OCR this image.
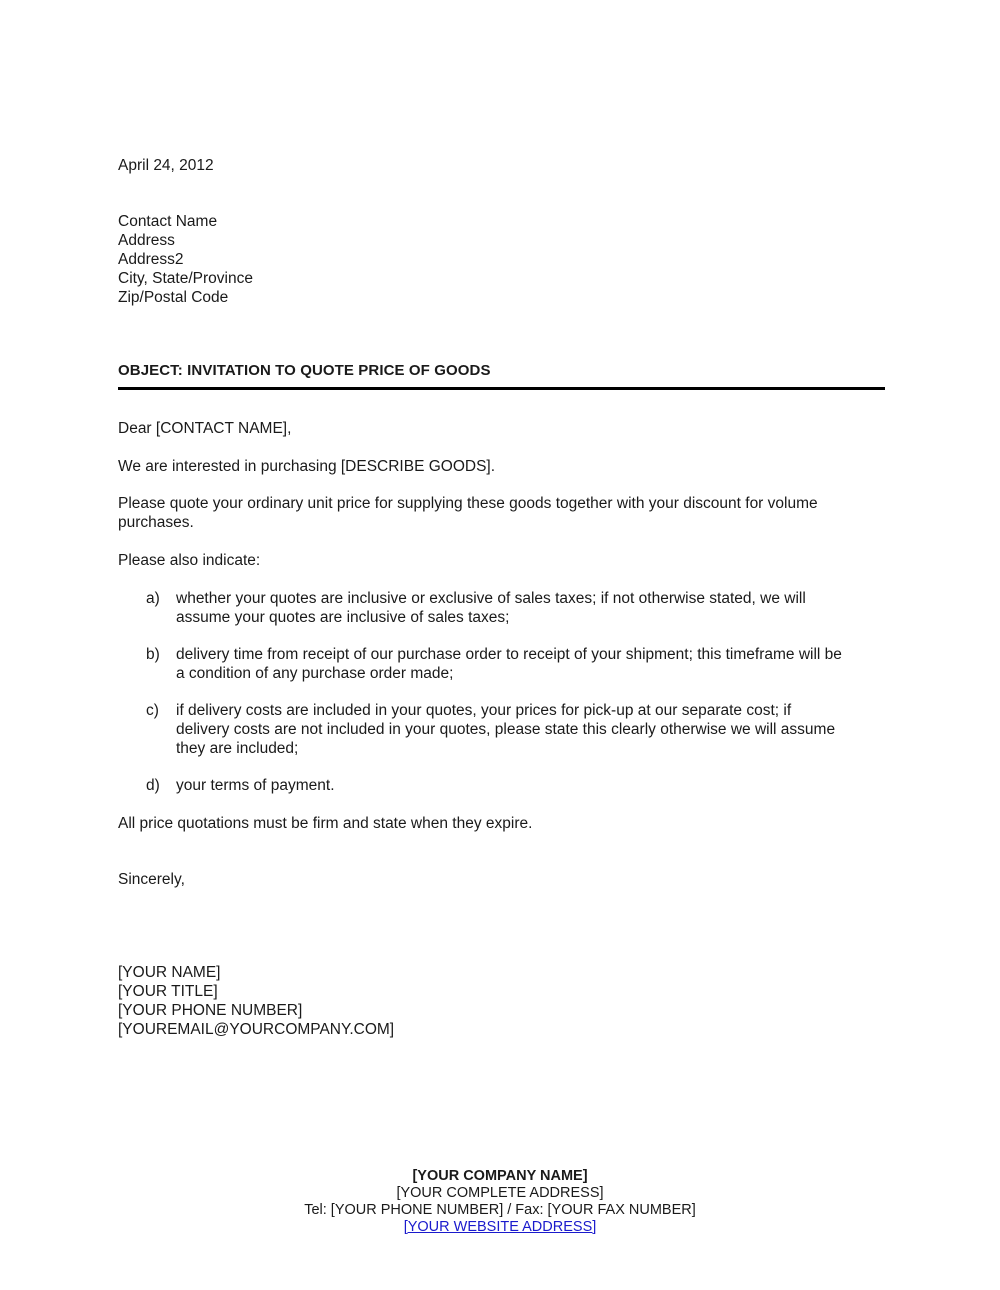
April 24, 2012
Contact Name
Address
Address2
City, State/Province
Zip/Postal Code
OBJECT: INVITATION TO QUOTE PRICE OF GOODS
Dear [CONTACT NAME],
We are interested in purchasing [DESCRIBE GOODS].
Please quote your ordinary unit price for supplying these goods together with your discount for volume
purchases.
Please also indicate:
a)	whether your quotes are inclusive or exclusive of sales taxes; if not otherwise stated, we will
assume your quotes are inclusive of sales taxes;
b)	delivery time from receipt of our purchase order to receipt of your shipment; this timeframe will be
a condition of any purchase order made;
c)	if delivery costs are included in your quotes, your prices for pick-up at our separate cost; if
delivery costs are not included in your quotes, please state this clearly otherwise we will assume
they are included;
d)	your terms of payment.
All price quotations must be firm and state when they expire.
Sincerely,
[YOUR NAME]
[YOUR TITLE]
[YOUR PHONE NUMBER]
[YOUREMAIL@YOURCOMPANY.COM]
[YOUR COMPANY NAME]
[YOUR COMPLETE ADDRESS]
Tel: [YOUR PHONE NUMBER] / Fax: [YOUR FAX NUMBER]
[YOUR WEBSITE ADDRESS]
